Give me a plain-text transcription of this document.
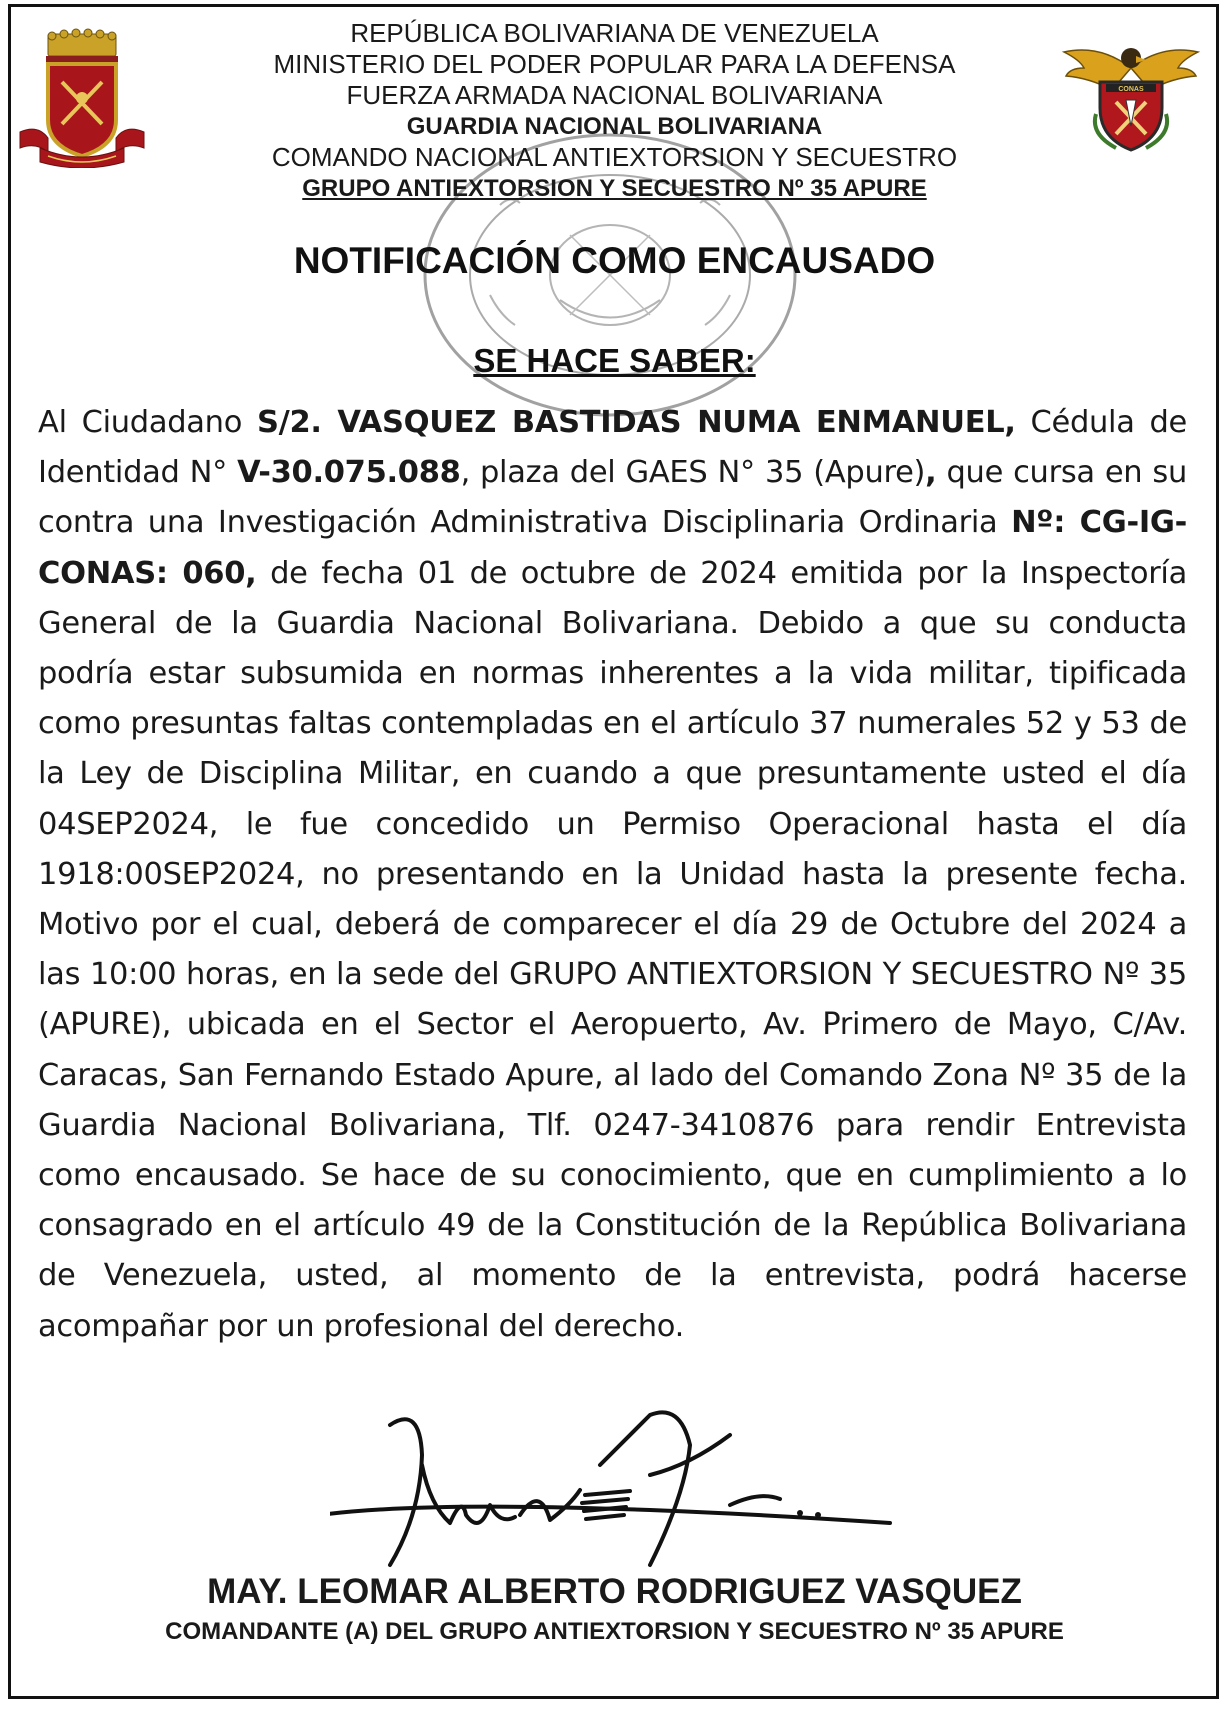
CONAS
REPÚBLICA BOLIVARIANA DE VENEZUELA
MINISTERIO DEL PODER POPULAR PARA LA DEFENSA
FUERZA ARMADA NACIONAL BOLIVARIANA
GUARDIA NACIONAL BOLIVARIANA
COMANDO NACIONAL ANTIEXTORSION Y SECUESTRO
GRUPO ANTIEXTORSION Y SECUESTRO Nº 35 APURE
NOTIFICACIÓN COMO ENCAUSADO
SE HACE SABER:
Al Ciudadano S/2. VASQUEZ BASTIDAS NUMA ENMANUEL, Cédula de Identidad N° V-30.075.088, plaza del GAES N° 35 (Apure), que cursa en su contra una Investigación Administrativa Disciplinaria Ordinaria Nº: CG-IG-CONAS: 060, de fecha 01 de octubre de 2024 emitida por la Inspectoría General de la Guardia Nacional Bolivariana. Debido a que su conducta podría estar subsumida en normas inherentes a la vida militar, tipificada como presuntas faltas contempladas en el artículo 37 numerales 52 y 53 de la Ley de Disciplina Militar, en cuando a que presuntamente usted el día 04SEP2024, le fue concedido un Permiso Operacional hasta el día 1918:00SEP2024, no presentando en la Unidad hasta la presente fecha. Motivo por el cual, deberá de comparecer el día 29 de Octubre del 2024 a las 10:00 horas, en la sede del GRUPO ANTIEXTORSION Y SECUESTRO Nº 35 (APURE), ubicada en el Sector el Aeropuerto, Av. Primero de Mayo, C/Av. Caracas, San Fernando Estado Apure, al lado del Comando Zona Nº 35 de la Guardia Nacional Bolivariana, Tlf. 0247-3410876 para rendir Entrevista como encausado. Se hace de su conocimiento, que en cumplimiento a lo consagrado en el artículo 49 de la Constitución de la República Bolivariana de Venezuela, usted, al momento de la entrevista, podrá hacerse acompañar por un profesional del derecho.
MAY. LEOMAR ALBERTO RODRIGUEZ VASQUEZ
COMANDANTE (A) DEL GRUPO ANTIEXTORSION Y SECUESTRO Nº 35 APURE
